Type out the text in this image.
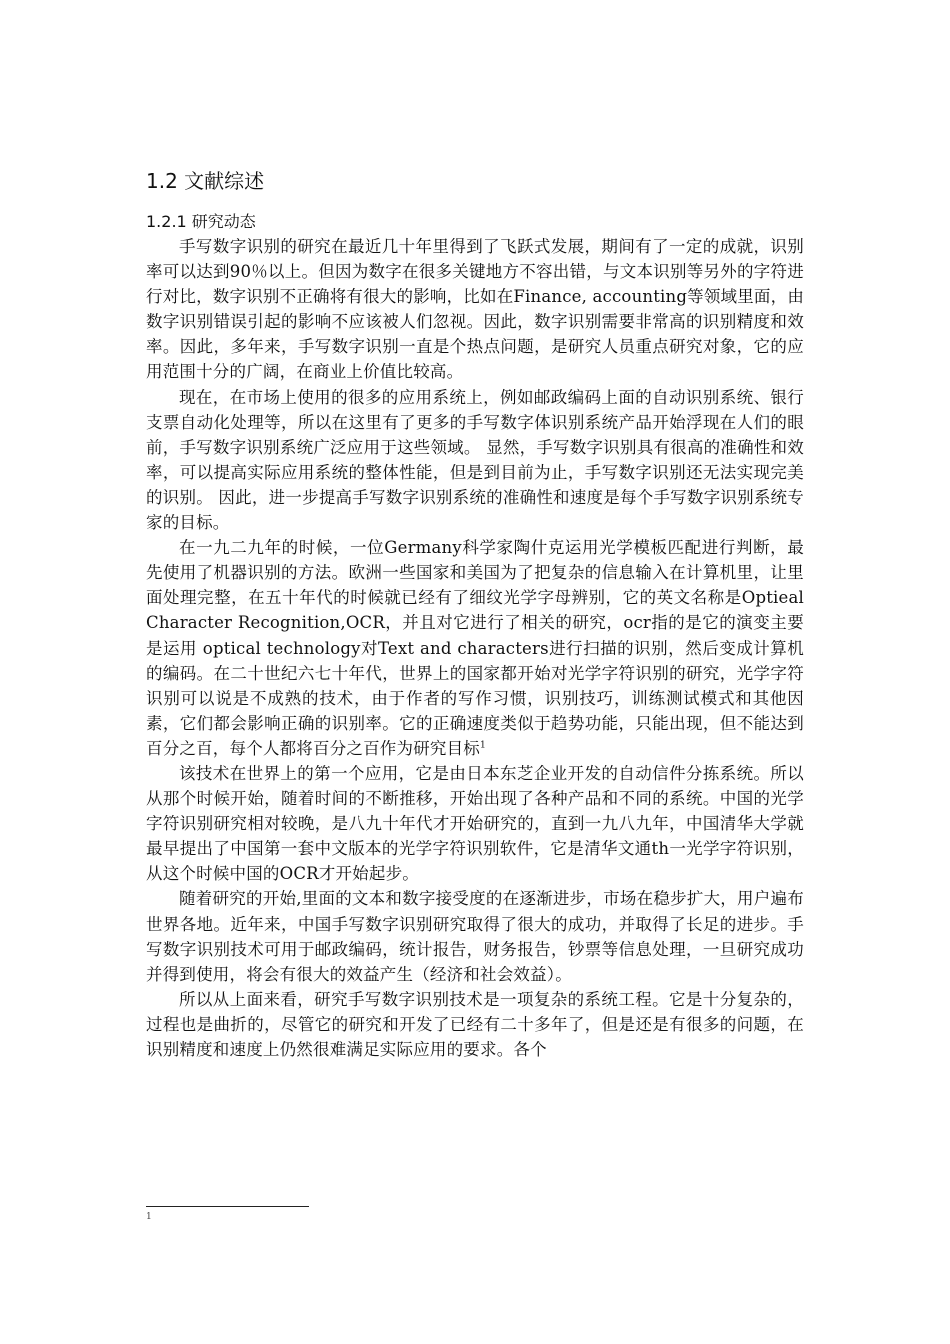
1.2 文献综述
1.2.1 研究动态

手写数字识别的研究在最近几十年里得到了飞跃式发展，期间有了一定的成就，识别率可以达到90％以上。但因为数字在很多关键地方不容出错，与文本识别等另外的字符进行对比，数字识别不正确将有很大的影响，比如在Finance, accounting等领域里面，由数字识别错误引起的影响不应该被人们忽视。因此，数字识别需要非常高的识别精度和效率。因此，多年来，手写数字识别一直是个热点问题，是研究人员重点研究对象，它的应用范围十分的广阔，在商业上价值比较高。

现在，在市场上使用的很多的应用系统上，例如邮政编码上面的自动识别系统、银行支票自动化处理等，所以在这里有了更多的手写数字体识别系统产品开始浮现在人们的眼前，手写数字识别系统广泛应用于这些领域。 显然，手写数字识别具有很高的准确性和效率，可以提高实际应用系统的整体性能，但是到目前为止，手写数字识别还无法实现完美的识别。 因此，进一步提高手写数字识别系统的准确性和速度是每个手写数字识别系统专家的目标。

在一九二九年的时候，一位Germany科学家陶什克运用光学模板匹配进行判断，最先使用了机器识别的方法。欧洲一些国家和美国为了把复杂的信息输入在计算机里，让里面处理完整，在五十年代的时候就已经有了细纹光学字母辨别，它的英文名称是Optieal Character Recognition,OCR，并且对它进行了相关的研究，ocr指的是它的演变主要是运用 optical technology对Text and characters进行扫描的识别，然后变成计算机的编码。在二十世纪六七十年代，世界上的国家都开始对光学字符识别的研究，光学字符识别可以说是不成熟的技术，由于作者的写作习惯，识别技巧，训练测试模式和其他因素，它们都会影响正确的识别率。它的正确速度类似于趋势功能，只能出现，但不能达到百分之百，每个人都将百分之百作为研究目标$^1$

该技术在世界上的第一个应用，它是由日本东芝企业开发的自动信件分拣系统。所以从那个时候开始，随着时间的不断推移，开始出现了各种产品和不同的系统。中国的光学字符识别研究相对较晚，是八九十年代才开始研究的，直到一九八九年，中国清华大学就最早提出了中国第一套中文版本的光学字符识别软件，它是清华文通th一光学字符识别，从这个时候中国的OCR才开始起步。

随着研究的开始,里面的文本和数字接受度的在逐渐进步，市场在稳步扩大，用户遍布世界各地。近年来，中国手写数字识别研究取得了很大的成功，并取得了长足的进步。手写数字识别技术可用于邮政编码，统计报告，财务报告，钞票等信息处理，一旦研究成功并得到使用，将会有很大的效益产生（经济和社会效益）。

所以从上面来看，研究手写数字识别技术是一项复杂的系统工程。它是十分复杂的，过程也是曲折的，尽管它的研究和开发了已经有二十多年了，但是还是有很多的问题，在识别精度和速度上仍然很难满足实际应用的要求。各个

1
